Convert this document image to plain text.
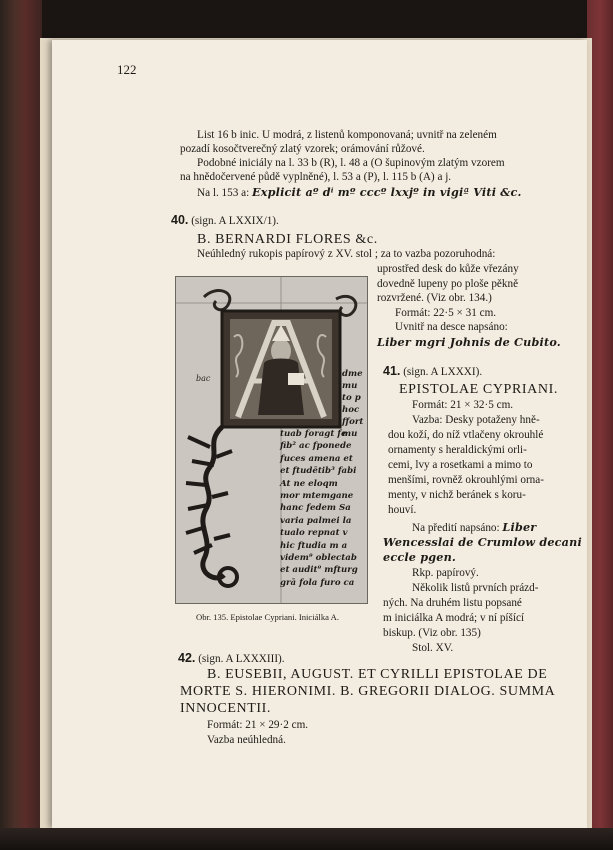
122
List 16 b inic. U modrá, z listenů komponovaná; uvnitř na zeleném
pozadí kosočtverečný zlatý vzorek; orámování růžové.
Podobné iniciály na l. 33 b (R), l. 48 a (O šupinovým zlatým vzorem
na hnědočervené půdě vyplněné), l. 53 a (P), l. 115 b (A) a j.
Na l. 153 a: Explicit aº dⁱ mº cccº lxxjº in vigiª Viti &c.
40. (sign. A LXXIX/1).
B. BERNARDI FLORES &c.
Neúhledný rukopis papírový z XV. stol ; za to vazba pozoruhodná:
uprostřed desk do kůže vřezány
dovedně lupeny po ploše pěkně
rozvržené. (Viz obr. 134.)
Formát: 22·5 × 31 cm.
Uvnitř na desce napsáno:
Liber mgri Johnis de Cubito.
41. (sign. A LXXXI).
EPISTOLAE CYPRIANI.
Formát: 21 × 32·5 cm.
Vazba: Desky potaženy hně-
dou koží, do níž vtlačeny okrouhlé
ornamenty s heraldickými orli-
cemi, lvy a rosetkami a mimo to
menšími, rovněž okrouhlými orna-
menty, v nichž beránek s koru-
houví.
Na předití napsáno: Liber
Wencesslai de Crumlow decani
eccle pgen.
Rkp. papírový.
Několik listů prvních prázd-
ných. Na druhém listu popsané
m iniciálka A modrá; v ní píšící
biskup. (Viz obr. 135)
Stol. XV.
bac	dme
mu
to p
hoc
ffort
mu
tuab foragt fe
fib² ac fponede
fuces amena et
et ftudētib³ fabi
At ne eloqm
mor mtemgane
hanc fedem Sa
varia palmei la
tualo repnat v
hic ftudia m a
videm⁹ oblectab
et audit⁹ mfturg
grā fola furo ca
Obr. 135. Epistolae Cypriani. Iniciálka A.
42. (sign. A LXXXIII).
B. EUSEBII, AUGUST. ET CYRILLI EPISTOLAE DE
MORTE S. HIERONIMI. B. GREGORII DIALOG. SUMMA
INNOCENTII.
Formát: 21 × 29·2 cm.
Vazba neúhledná.
